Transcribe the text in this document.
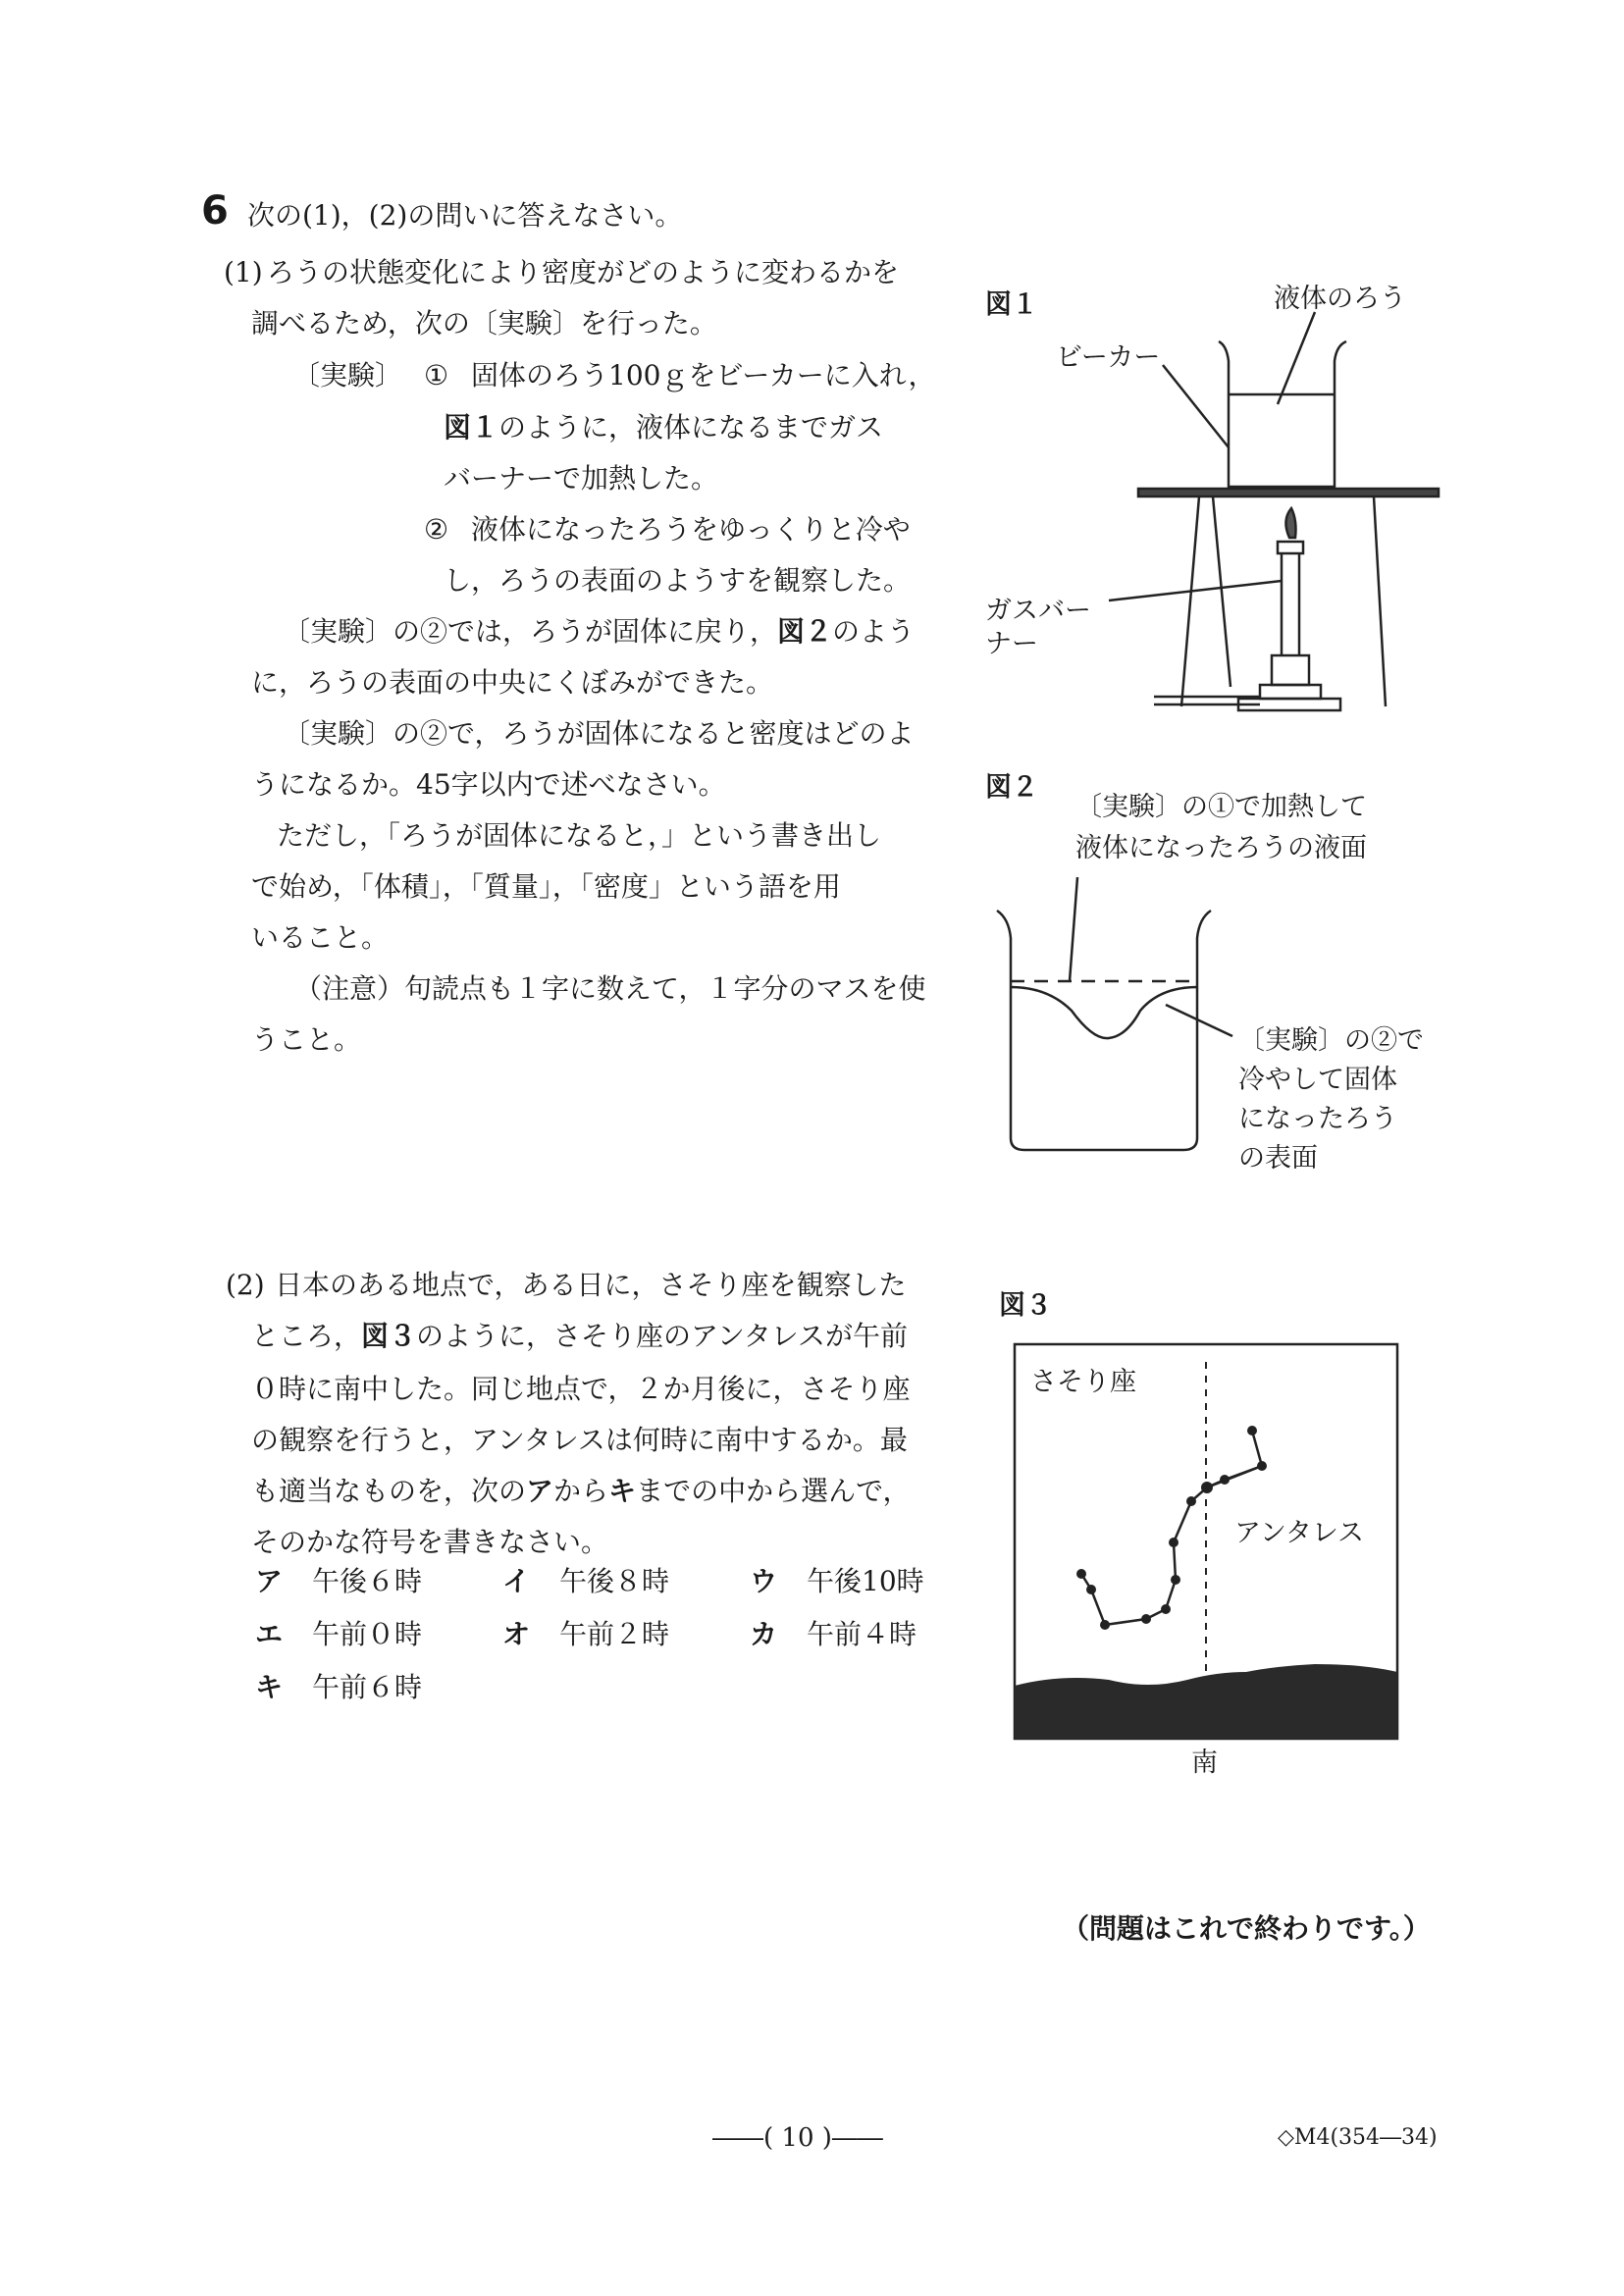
6 次の(1)，(2)の問いに答えなさい。
(1) ろうの状態変化により密度がどのように変わるかを
調べるため，次の〔実験〕を行った。
〔実験〕 ① 固体のろう100ｇをビーカーに入れ，
図１のように，液体になるまでガス
バーナーで加熱した。
② 液体になったろうをゆっくりと冷や
し，ろうの表面のようすを観察した。
〔実験〕の②では，ろうが固体に戻り，図２のよう
に，ろうの表面の中央にくぼみができた。
〔実験〕の②で，ろうが固体になると密度はどのよ
うになるか。45字以内で述べなさい。
ただし，「ろうが固体になると，」という書き出し
で始め，「体積」，「質量」，「密度」という語を用
いること。
（注意）句読点も１字に数えて，１字分のマスを使
うこと。
図１	液体のろう
ビーカー
ガスバー
ナー
図２
〔実験〕の①で加熱して
液体になったろうの液面
〔実験〕の②で
冷やして固体
になったろう
の表面
(2) 日本のある地点で，ある日に，さそり座を観察した
ところ，図３のように，さそり座のアンタレスが午前
０時に南中した。同じ地点で，２か月後に，さそり座
の観察を行うと，アンタレスは何時に南中するか。最
も適当なものを，次のアからキまでの中から選んで，
そのかな符号を書きなさい。
ア 午後６時	イ 午後８時	ウ 午後10時
エ 午前０時	オ 午前２時	カ 午前４時
キ 午前６時
図３
さそり座
アンタレス
南
（問題はこれで終わりです。）
――( 10 )――	◇M4(354―34)
